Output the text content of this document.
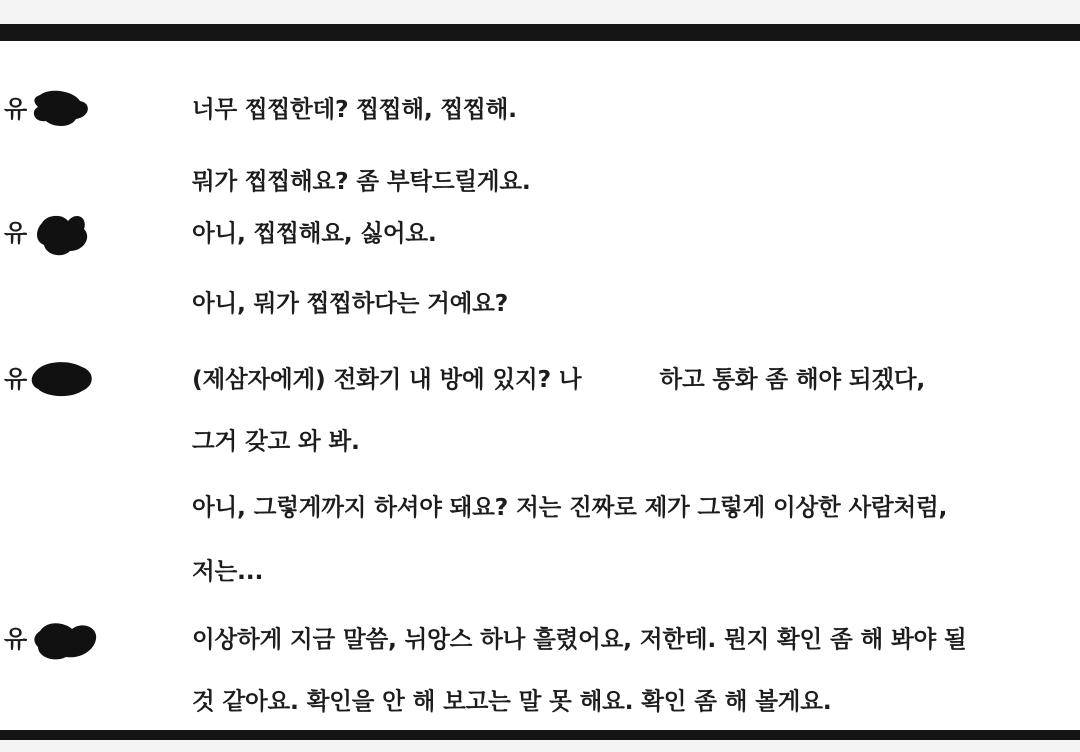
유	너무 찝찝한데? 찝찝해, 찝찝해.
뭐가 찝찝해요? 좀 부탁드릴게요.
유	아니, 찝찝해요, 싫어요.
아니, 뭐가 찝찝하다는 거예요?
유	(제삼자에게) 전화기 내 방에 있지? 나	하고 통화 좀 해야 되겠다,
그거 갖고 와 봐.
아니, 그렇게까지 하셔야 돼요? 저는 진짜로 제가 그렇게 이상한 사람처럼,
저는...
유	이상하게 지금 말씀, 뉘앙스 하나 흘렸어요, 저한테. 뭔지 확인 좀 해 봐야 될
것 같아요. 확인을 안 해 보고는 말 못 해요. 확인 좀 해 볼게요.
